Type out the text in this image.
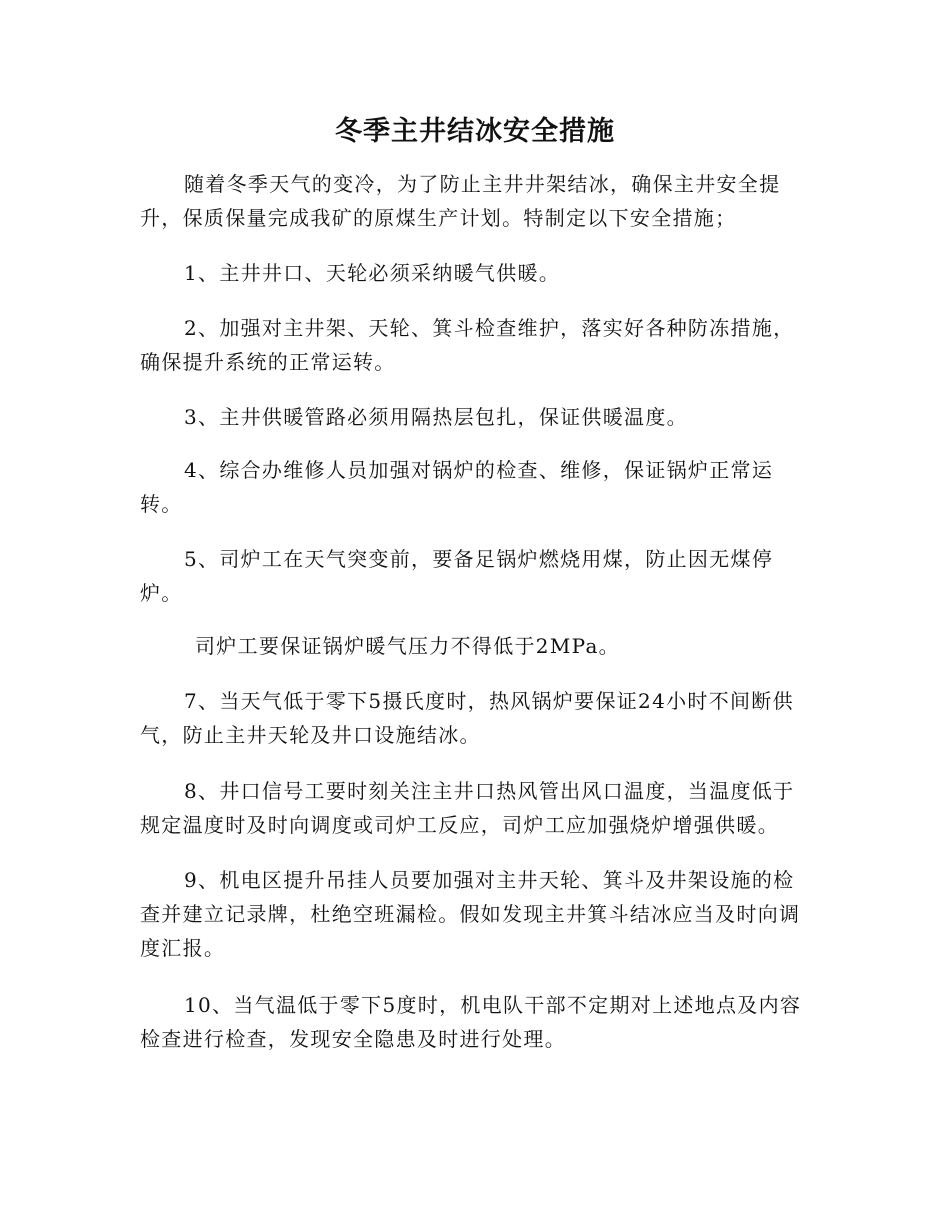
冬季主井结冰安全措施

随着冬季天气的变冷，为了防止主井井架结冰，确保主井安全提升，保质保量完成我矿的原煤生产计划。特制定以下安全措施；

1、主井井口、天轮必须采纳暖气供暖。

2、加强对主井架、天轮、箕斗检查维护，落实好各种防冻措施，确保提升系统的正常运转。

3、主井供暖管路必须用隔热层包扎，保证供暖温度。

4、综合办维修人员加强对锅炉的检查、维修，保证锅炉正常运转。

5、司炉工在天气突变前，要备足锅炉燃烧用煤，防止因无煤停炉。

司炉工要保证锅炉暖气压力不得低于2MPa。

7、当天气低于零下5摄氏度时，热风锅炉要保证24小时不间断供气，防止主井天轮及井口设施结冰。

8、井口信号工要时刻关注主井口热风管出风口温度，当温度低于规定温度时及时向调度或司炉工反应，司炉工应加强烧炉增强供暖。

9、机电区提升吊挂人员要加强对主井天轮、箕斗及井架设施的检查并建立记录牌，杜绝空班漏检。假如发现主井箕斗结冰应当及时向调度汇报。

10、当气温低于零下5度时，机电队干部不定期对上述地点及内容检查进行检查，发现安全隐患及时进行处理。
